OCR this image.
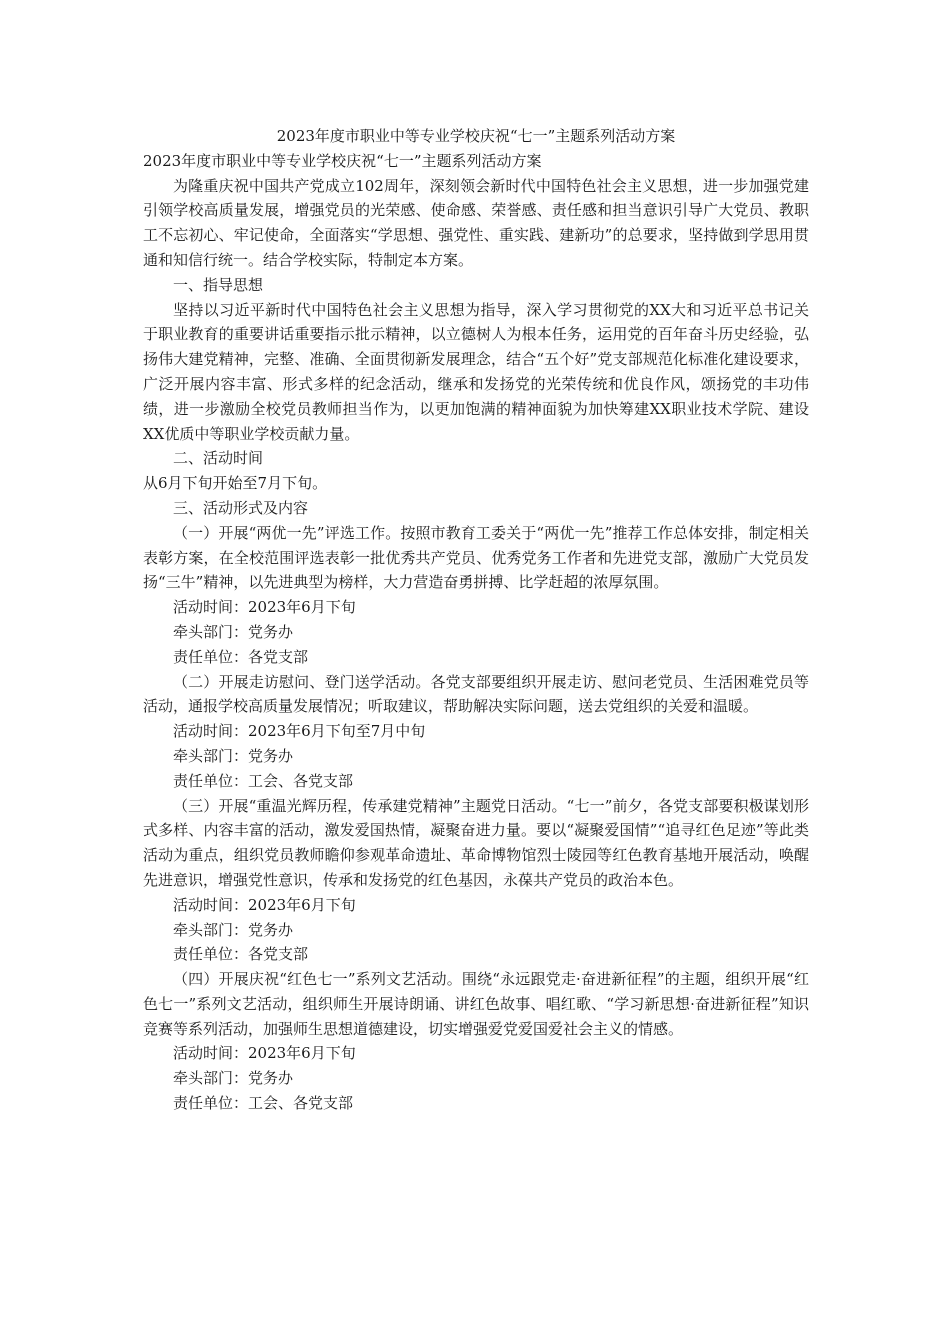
2023年度市职业中等专业学校庆祝“七一”主题系列活动方案

2023年度市职业中等专业学校庆祝“七一”主题系列活动方案

为隆重庆祝中国共产党成立102周年，深刻领会新时代中国特色社会主义思想，进一步加强党建引领学校高质量发展，增强党员的光荣感、使命感、荣誉感、责任感和担当意识引导广大党员、教职工不忘初心、牢记使命，全面落实“学思想、强党性、重实践、建新功”的总要求，坚持做到学思用贯通和知信行统一。结合学校实际，特制定本方案。

一、指导思想

坚持以习近平新时代中国特色社会主义思想为指导，深入学习贯彻党的XX大和习近平总书记关于职业教育的重要讲话重要指示批示精神，以立德树人为根本任务，运用党的百年奋斗历史经验，弘扬伟大建党精神，完整、准确、全面贯彻新发展理念，结合“五个好”党支部规范化标准化建设要求，广泛开展内容丰富、形式多样的纪念活动，继承和发扬党的光荣传统和优良作风，颂扬党的丰功伟绩，进一步激励全校党员教师担当作为，以更加饱满的精神面貌为加快筹建XX职业技术学院、建设XX优质中等职业学校贡献力量。

二、活动时间

从6月下旬开始至7月下旬。

三、活动形式及内容

（一）开展“两优一先”评选工作。按照市教育工委关于“两优一先”推荐工作总体安排，制定相关表彰方案，在全校范围评选表彰一批优秀共产党员、优秀党务工作者和先进党支部，激励广大党员发扬“三牛”精神，以先进典型为榜样，大力营造奋勇拼搏、比学赶超的浓厚氛围。

活动时间：2023年6月下旬

牵头部门：党务办

责任单位：各党支部

（二）开展走访慰问、登门送学活动。各党支部要组织开展走访、慰问老党员、生活困难党员等活动，通报学校高质量发展情况；听取建议，帮助解决实际问题，送去党组织的关爱和温暖。

活动时间：2023年6月下旬至7月中旬

牵头部门：党务办

责任单位：工会、各党支部

（三）开展“重温光辉历程，传承建党精神”主题党日活动。“七一”前夕，各党支部要积极谋划形式多样、内容丰富的活动，激发爱国热情，凝聚奋进力量。要以“凝聚爱国情”“追寻红色足迹”等此类活动为重点，组织党员教师瞻仰参观革命遗址、革命博物馆烈士陵园等红色教育基地开展活动，唤醒先进意识，增强党性意识，传承和发扬党的红色基因，永葆共产党员的政治本色。

活动时间：2023年6月下旬

牵头部门：党务办

责任单位：各党支部

（四）开展庆祝“红色七一”系列文艺活动。围绕“永远跟党走·奋进新征程”的主题，组织开展“红色七一”系列文艺活动，组织师生开展诗朗诵、讲红色故事、唱红歌、“学习新思想·奋进新征程”知识竞赛等系列活动，加强师生思想道德建设，切实增强爱党爱国爱社会主义的情感。

活动时间：2023年6月下旬

牵头部门：党务办

责任单位：工会、各党支部
